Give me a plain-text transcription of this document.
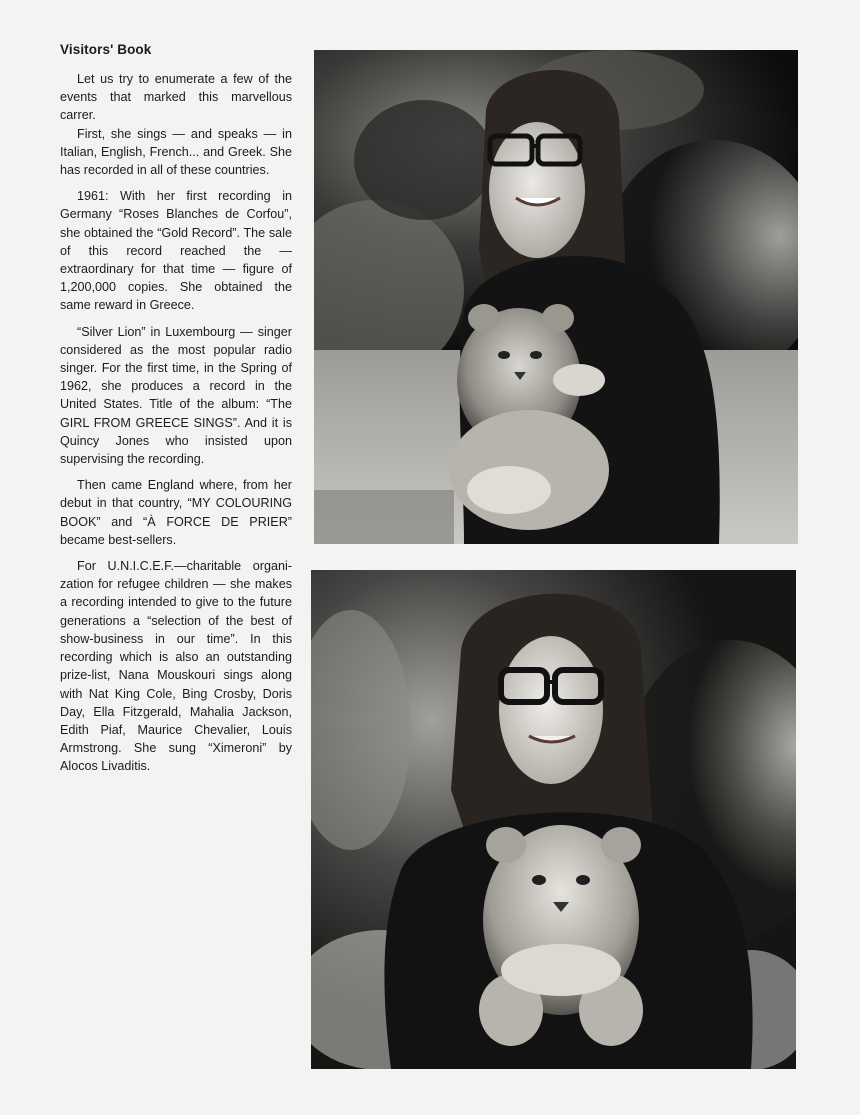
Visitors' Book

Let us try to enumerate a few of the events that marked this marvellous carrer.

First, she sings — and speaks — in Italian, English, French... and Greek. She has recorded in all of these countries.

1961: With her first recording in Germany “Roses Blanches de Corfou”, she obtained the “Gold Record”. The sale of this record reached the — extraordinary for that time — figure of 1,200,000 copies. She obtained the same reward in Greece.

“Silver Lion” in Luxembourg — singer considered as the most popular radio singer. For the first time, in the Spring of 1962, she produces a record in the United States. Title of the album: “The GIRL FROM GREECE SINGS”. And it is Quincy Jones who insisted upon supervising the recording.

Then came England where, from her debut in that country, “MY COLOURING BOOK” and “À FORCE DE PRIER” became best-sellers.

For U.N.I.C.E.F.—charitable organization for refugee children — she makes a recording intended to give to the future generations a “selection of the best of show-business in our time”. In this recording which is also an outstanding prize-list, Nana Mouskouri sings along with Nat King Cole, Bing Crosby, Doris Day, Ella Fitzgerald, Mahalia Jackson, Edith Piaf, Maurice Chevalier, Louis Armstrong. She sung “Ximeroni” by Alocos Livaditis.
